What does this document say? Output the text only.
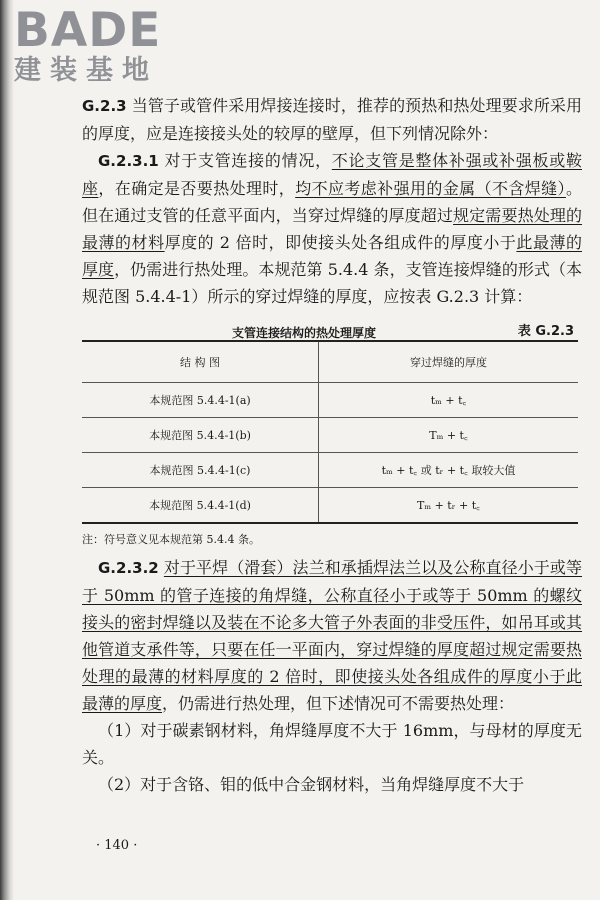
BADE
建装基地

G.2.3 当管子或管件采用焊接连接时，推荐的预热和热处理要求所采用的厚度，应是连接接头处的较厚的壁厚，但下列情况除外：

G.2.3.1 对于支管连接的情况，不论支管是整体补强或补强板或鞍座，在确定是否要热处理时，均不应考虑补强用的金属（不含焊缝）。但在通过支管的任意平面内，当穿过焊缝的厚度超过规定需要热处理的最薄的材料厚度的 2 倍时，即使接头处各组成件的厚度小于此最薄的厚度，仍需进行热处理。本规范第 5.4.4 条，支管连接焊缝的形式（本规范图 5.4.4-1）所示的穿过焊缝的厚度，应按表 G.2.3 计算：

支管连接结构的热处理厚度	表 G.2.3
结 构 图	穿过焊缝的厚度
本规范图 5.4.4-1(a)	tₘ + t꜀
本规范图 5.4.4-1(b)	Tₘ + t꜀
本规范图 5.4.4-1(c)	tₘ + t꜀ 或 tᵣ + t꜀ 取较大值
本规范图 5.4.4-1(d)	Tₘ + tᵣ + t꜀
注：符号意义见本规范第 5.4.4 条。

G.2.3.2 对于平焊（滑套）法兰和承插焊法兰以及公称直径小于或等于 50mm 的管子连接的角焊缝，公称直径小于或等于 50mm 的螺纹接头的密封焊缝以及装在不论多大管子外表面的非受压件，如吊耳或其他管道支承件等，只要在任一平面内，穿过焊缝的厚度超过规定需要热处理的最薄的材料厚度的 2 倍时，即使接头处各组成件的厚度小于此最薄的厚度，仍需进行热处理，但下述情况可不需要热处理：

（1）对于碳素钢材料，角焊缝厚度不大于 16mm，与母材的厚度无关。

（2）对于含铬、钼的低中合金钢材料，当角焊缝厚度不大于

· 140 ·
